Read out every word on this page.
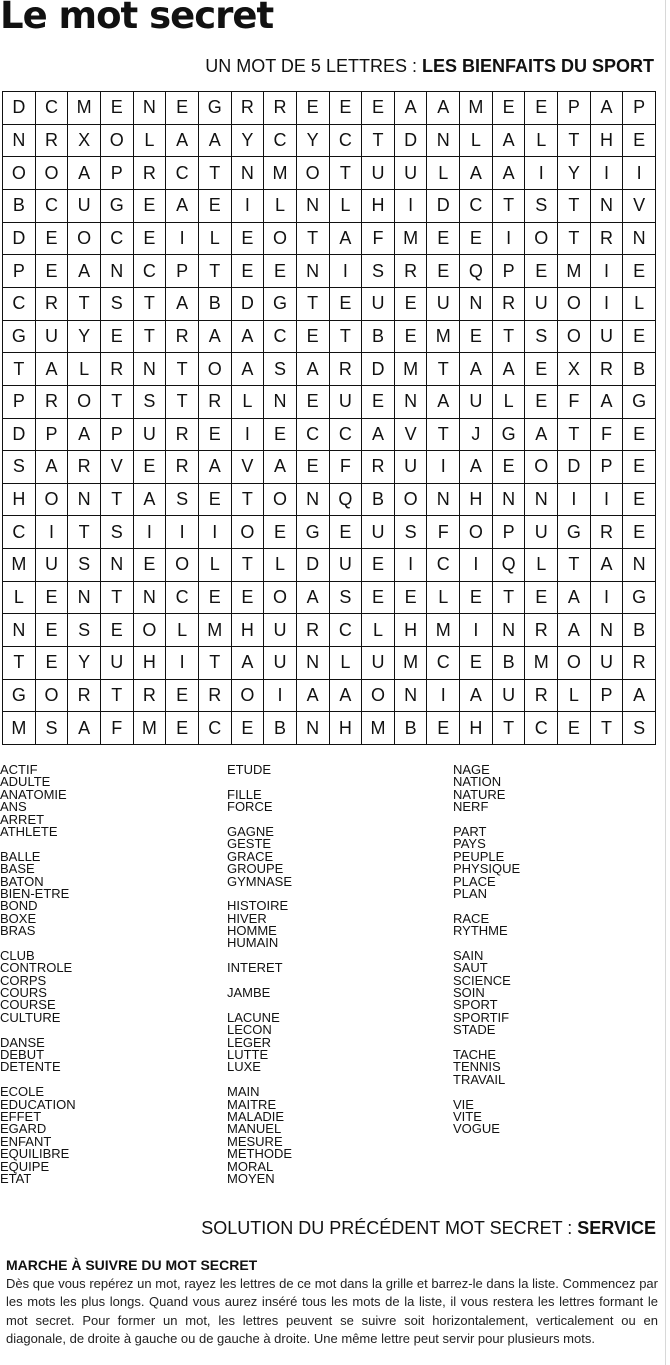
Le mot secret
UN MOT DE 5 LETTRES : LES BIENFAITS DU SPORT
D	C	M	E	N	E	G	R	R	E	E	E	A	A	M	E	E	P	A	P
N	R	X	O	L	A	A	Y	C	Y	C	T	D	N	L	A	L	T	H	E
O	O	A	P	R	C	T	N	M	O	T	U	U	L	A	A	I	Y	I	I
B	C	U	G	E	A	E	I	L	N	L	H	I	D	C	T	S	T	N	V
D	E	O	C	E	I	L	E	O	T	A	F	M	E	E	I	O	T	R	N
P	E	A	N	C	P	T	E	E	N	I	S	R	E	Q	P	E	M	I	E
C	R	T	S	T	A	B	D	G	T	E	U	E	U	N	R	U	O	I	L
G	U	Y	E	T	R	A	A	C	E	T	B	E	M	E	T	S	O	U	E
T	A	L	R	N	T	O	A	S	A	R	D	M	T	A	A	E	X	R	B
P	R	O	T	S	T	R	L	N	E	U	E	N	A	U	L	E	F	A	G
D	P	A	P	U	R	E	I	E	C	C	A	V	T	J	G	A	T	F	E
S	A	R	V	E	R	A	V	A	E	F	R	U	I	A	E	O	D	P	E
H	O	N	T	A	S	E	T	O	N	Q	B	O	N	H	N	N	I	I	E
C	I	T	S	I	I	I	O	E	G	E	U	S	F	O	P	U	G	R	E
M	U	S	N	E	O	L	T	L	D	U	E	I	C	I	Q	L	T	A	N
L	E	N	T	N	C	E	E	O	A	S	E	E	L	E	T	E	A	I	G
N	E	S	E	O	L	M	H	U	R	C	L	H	M	I	N	R	A	N	B
T	E	Y	U	H	I	T	A	U	N	L	U	M	C	E	B	M	O	U	R
G	O	R	T	R	E	R	O	I	A	A	O	N	I	A	U	R	L	P	A
M	S	A	F	M	E	C	E	B	N	H	M	B	E	H	T	C	E	T	S
ACTIF
ADULTE
ANATOMIE
ANS
ARRET
ATHLETE
BALLE
BASE
BATON
BIEN-ETRE
BOND
BOXE
BRAS
CLUB
CONTROLE
CORPS
COURS
COURSE
CULTURE
DANSE
DEBUT
DETENTE
ECOLE
EDUCATION
EFFET
EGARD
ENFANT
EQUILIBRE
EQUIPE
ETAT
ETUDE
FILLE
FORCE
GAGNE
GESTE
GRACE
GROUPE
GYMNASE
HISTOIRE
HIVER
HOMME
HUMAIN
INTERET
JAMBE
LACUNE
LECON
LEGER
LUTTE
LUXE
MAIN
MAITRE
MALADIE
MANUEL
MESURE
METHODE
MORAL
MOYEN
NAGE
NATION
NATURE
NERF
PART
PAYS
PEUPLE
PHYSIQUE
PLACE
PLAN
RACE
RYTHME
SAIN
SAUT
SCIENCE
SOIN
SPORT
SPORTIF
STADE
TACHE
TENNIS
TRAVAIL
VIE
VITE
VOGUE
SOLUTION DU PRÉCÉDENT MOT SECRET : SERVICE
MARCHE À SUIVRE DU MOT SECRET
Dès que vous repérez un mot, rayez les lettres de ce mot dans la grille et barrez-le dans la liste. Commencez par les mots les plus longs. Quand vous aurez inséré tous les mots de la liste, il vous restera les lettres formant le mot secret. Pour former un mot, les lettres peuvent se suivre soit horizontalement, verticalement ou en diagonale, de droite à gauche ou de gauche à droite. Une même lettre peut servir pour plusieurs mots.
